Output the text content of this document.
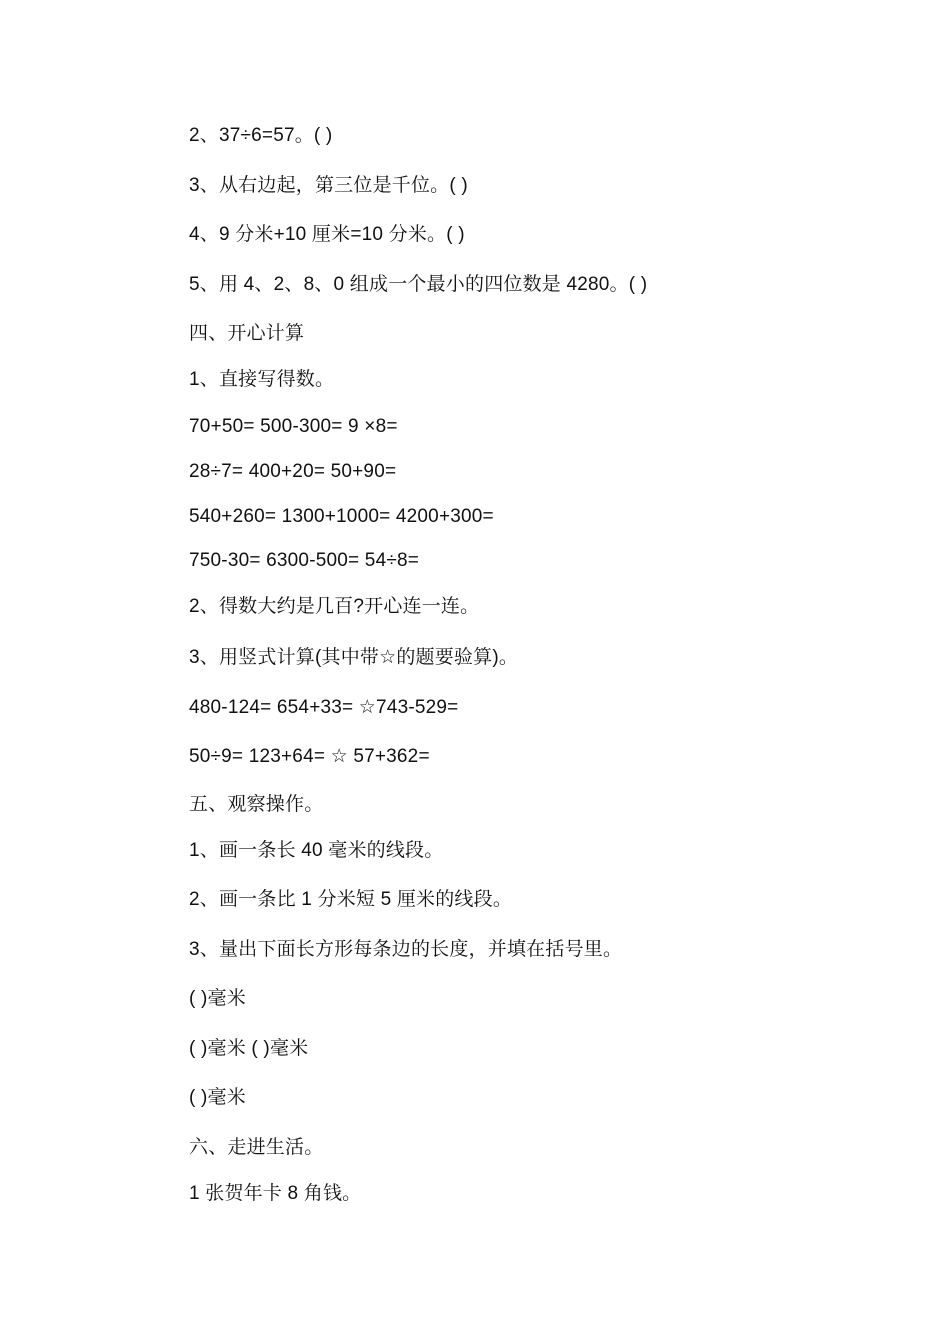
2、37÷6=57。( )
3、从右边起，第三位是千位。( )
4、9 分米+10 厘米=10 分米。( )
5、用 4、2、8、0 组成一个最小的四位数是 4280。( )
四、开心计算
1、直接写得数。
70+50= 500-300= 9 ×8=
28÷7= 400+20= 50+90=
540+260= 1300+1000= 4200+300=
750-30= 6300-500= 54÷8=
2、得数大约是几百?开心连一连。
3、用竖式计算(其中带☆的题要验算)。
480-124= 654+33= ☆743-529=
50÷9= 123+64= ☆ 57+362=
五、观察操作。
1、画一条长 40 毫米的线段。
2、画一条比 1 分米短 5 厘米的线段。
3、量出下面长方形每条边的长度，并填在括号里。
( )毫米
( )毫米 ( )毫米
( )毫米
六、走进生活。
1 张贺年卡 8 角钱。
